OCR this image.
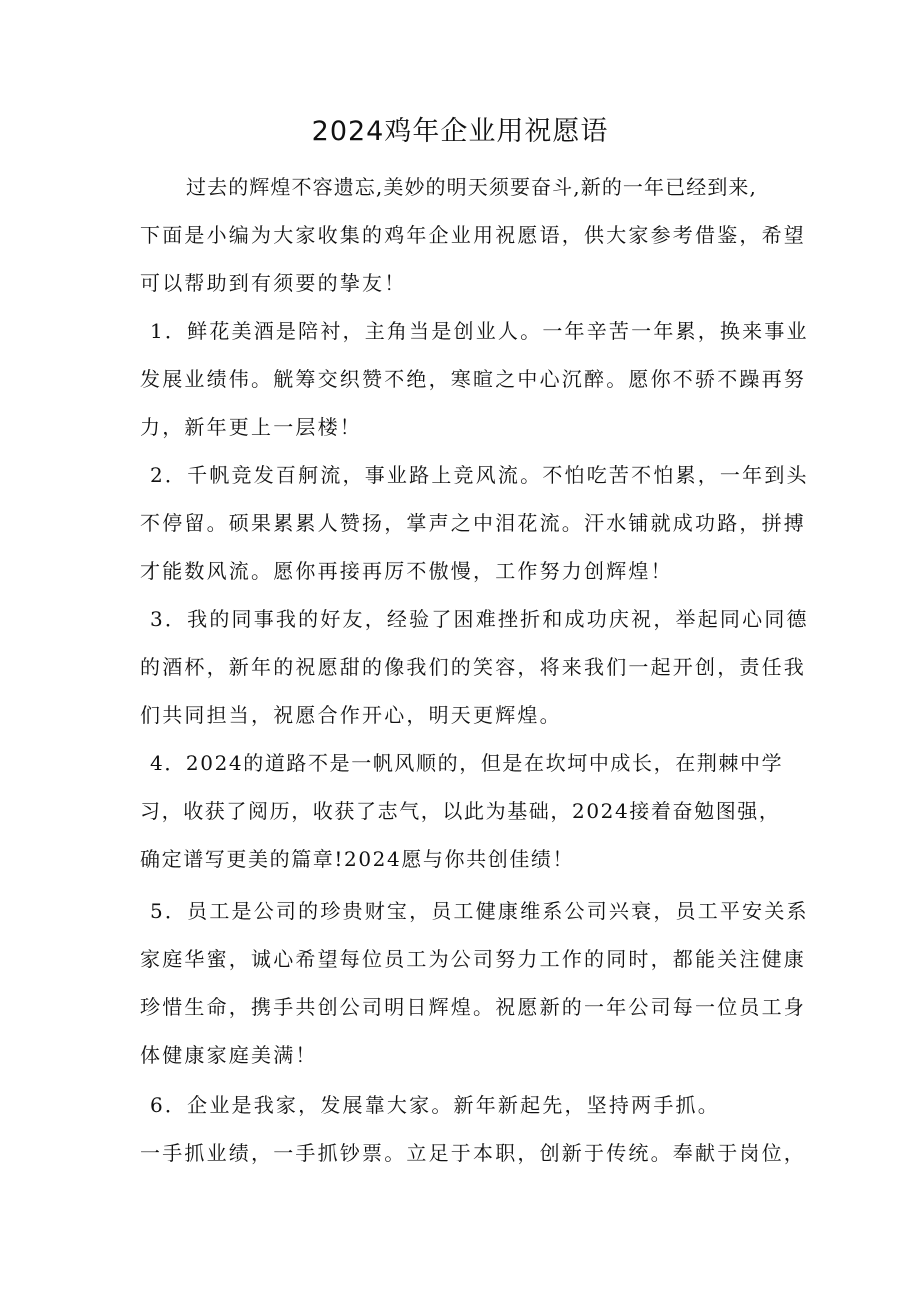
2024鸡年企业用祝愿语

过去的辉煌不容遗忘,美妙的明天须要奋斗,新的一年已经到来,

下面是小编为大家收集的鸡年企业用祝愿语，供大家参考借鉴，希望

可以帮助到有须要的挚友！

1．鲜花美酒是陪衬，主角当是创业人。一年辛苦一年累，换来事业

发展业绩伟。觥筹交织赞不绝，寒暄之中心沉醉。愿你不骄不躁再努

力，新年更上一层楼！

2．千帆竞发百舸流，事业路上竞风流。不怕吃苦不怕累，一年到头

不停留。硕果累累人赞扬，掌声之中泪花流。汗水铺就成功路，拼搏

才能数风流。愿你再接再厉不傲慢，工作努力创辉煌！

3．我的同事我的好友，经验了困难挫折和成功庆祝，举起同心同德

的酒杯，新年的祝愿甜的像我们的笑容，将来我们一起开创，责任我

们共同担当，祝愿合作开心，明天更辉煌。

4．2024的道路不是一帆风顺的，但是在坎坷中成长，在荆棘中学

习，收获了阅历，收获了志气，以此为基础，2024接着奋勉图强，

确定谱写更美的篇章!2024愿与你共创佳绩！

5．员工是公司的珍贵财宝，员工健康维系公司兴衰，员工平安关系

家庭华蜜，诚心希望每位员工为公司努力工作的同时，都能关注健康

珍惜生命，携手共创公司明日辉煌。祝愿新的一年公司每一位员工身

体健康家庭美满！

6．企业是我家，发展靠大家。新年新起先，坚持两手抓。

一手抓业绩，一手抓钞票。立足于本职，创新于传统。奉献于岗位，
